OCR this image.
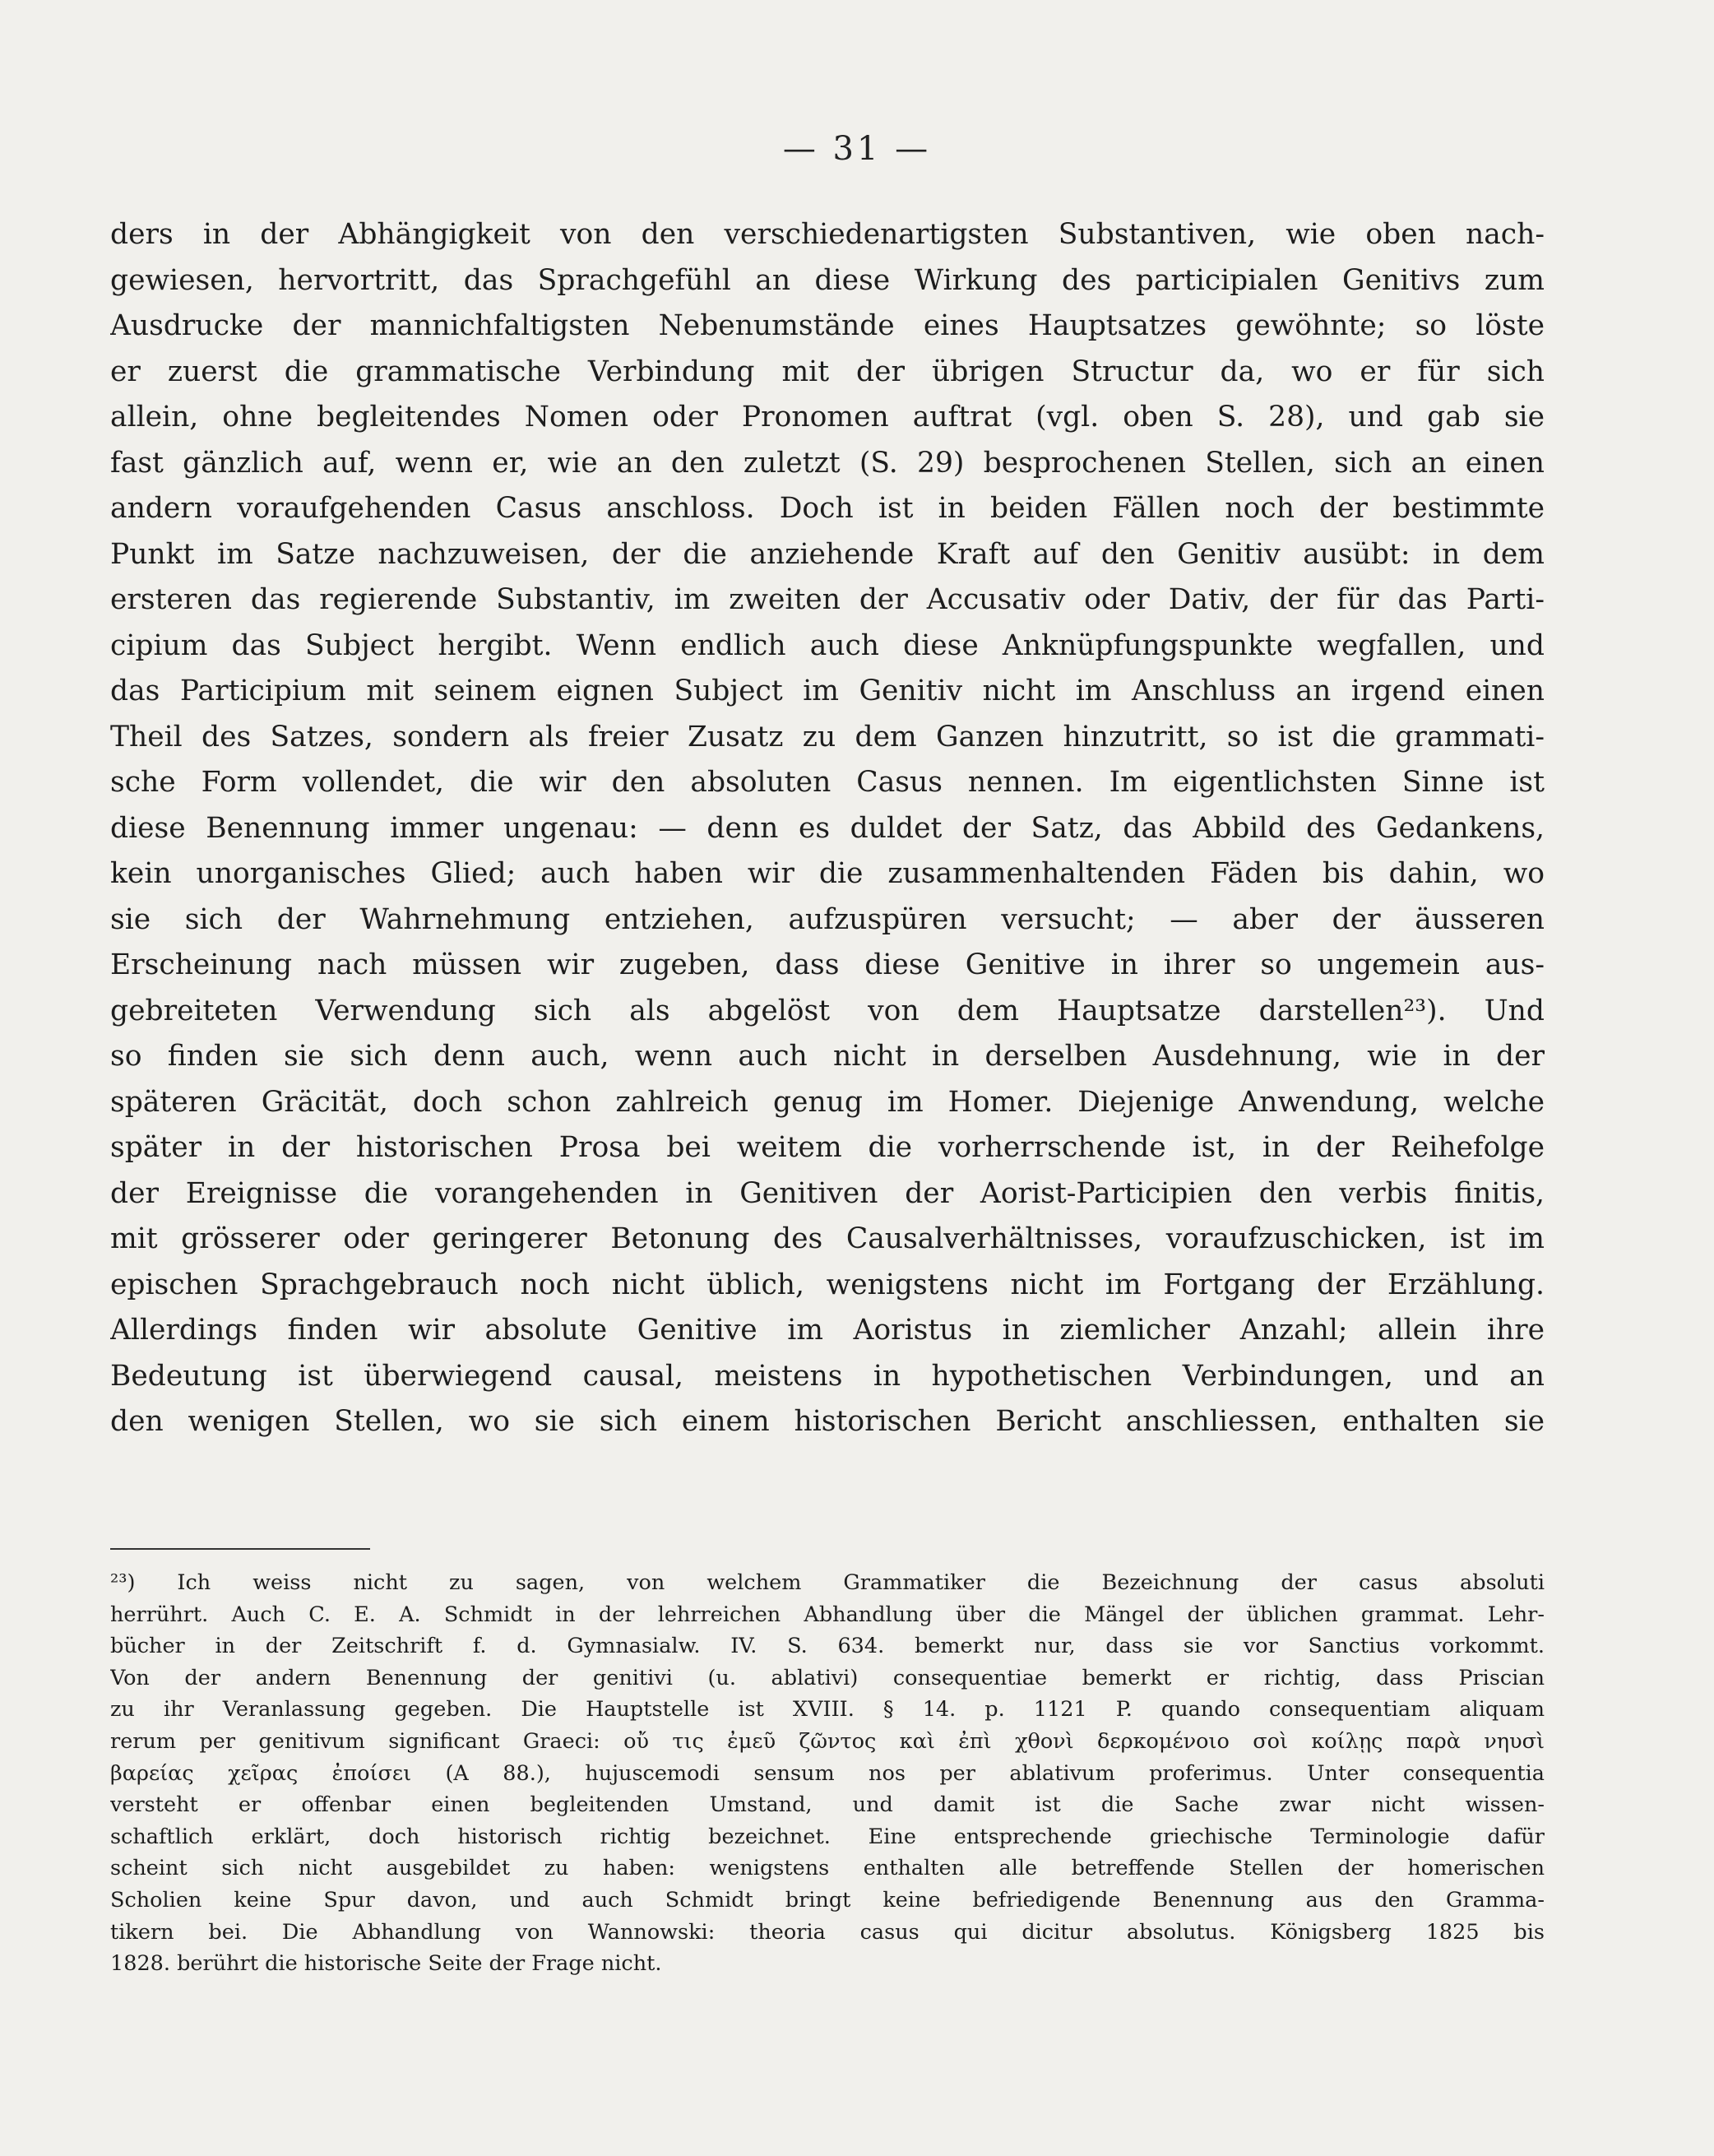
— 31 —
ders in der Abhängigkeit von den verschiedenartigsten Substantiven, wie oben nach-
gewiesen, hervortritt, das Sprachgefühl an diese Wirkung des participialen Genitivs zum
Ausdrucke der mannichfaltigsten Nebenumstände eines Hauptsatzes gewöhnte; so löste
er zuerst die grammatische Verbindung mit der übrigen Structur da, wo er für sich
allein, ohne begleitendes Nomen oder Pronomen auftrat (vgl. oben S. 28), und gab sie
fast gänzlich auf, wenn er, wie an den zuletzt (S. 29) besprochenen Stellen, sich an einen
andern voraufgehenden Casus anschloss. Doch ist in beiden Fällen noch der bestimmte
Punkt im Satze nachzuweisen, der die anziehende Kraft auf den Genitiv ausübt: in dem
ersteren das regierende Substantiv, im zweiten der Accusativ oder Dativ, der für das Parti-
cipium das Subject hergibt. Wenn endlich auch diese Anknüpfungspunkte wegfallen, und
das Participium mit seinem eignen Subject im Genitiv nicht im Anschluss an irgend einen
Theil des Satzes, sondern als freier Zusatz zu dem Ganzen hinzutritt, so ist die grammati-
sche Form vollendet, die wir den absoluten Casus nennen. Im eigentlichsten Sinne ist
diese Benennung immer ungenau: — denn es duldet der Satz, das Abbild des Gedankens,
kein unorganisches Glied; auch haben wir die zusammenhaltenden Fäden bis dahin, wo
sie sich der Wahrnehmung entziehen, aufzuspüren versucht; — aber der äusseren
Erscheinung nach müssen wir zugeben, dass diese Genitive in ihrer so ungemein aus-
gebreiteten Verwendung sich als abgelöst von dem Hauptsatze darstellen²³). Und
so finden sie sich denn auch, wenn auch nicht in derselben Ausdehnung, wie in der
späteren Gräcität, doch schon zahlreich genug im Homer. Diejenige Anwendung, welche
später in der historischen Prosa bei weitem die vorherrschende ist, in der Reihefolge
der Ereignisse die vorangehenden in Genitiven der Aorist-Participien den verbis finitis,
mit grösserer oder geringerer Betonung des Causalverhältnisses, voraufzuschicken, ist im
epischen Sprachgebrauch noch nicht üblich, wenigstens nicht im Fortgang der Erzählung.
Allerdings finden wir absolute Genitive im Aoristus in ziemlicher Anzahl; allein ihre
Bedeutung ist überwiegend causal, meistens in hypothetischen Verbindungen, und an
den wenigen Stellen, wo sie sich einem historischen Bericht anschliessen, enthalten sie
²³) Ich weiss nicht zu sagen, von welchem Grammatiker die Bezeichnung der casus absoluti
herrührt. Auch C. E. A. Schmidt in der lehrreichen Abhandlung über die Mängel der üblichen grammat. Lehr-
bücher in der Zeitschrift f. d. Gymnasialw. IV. S. 634. bemerkt nur, dass sie vor Sanctius vorkommt.
Von der andern Benennung der genitivi (u. ablativi) consequentiae bemerkt er richtig, dass Priscian
zu ihr Veranlassung gegeben. Die Hauptstelle ist XVIII. § 14. p. 1121 P. quando consequentiam aliquam
rerum per genitivum significant Graeci: οὔ τις ἐμεῦ ζῶντος καὶ ἐπὶ χθονὶ δερκομένοιο σοὶ κοίλῃς παρὰ νηυσὶ
βαρείας χεῖρας ἐποίσει (Α 88.), hujuscemodi sensum nos per ablativum proferimus. Unter consequentia
versteht er offenbar einen begleitenden Umstand, und damit ist die Sache zwar nicht wissen-
schaftlich erklärt, doch historisch richtig bezeichnet. Eine entsprechende griechische Terminologie dafür
scheint sich nicht ausgebildet zu haben: wenigstens enthalten alle betreffende Stellen der homerischen
Scholien keine Spur davon, und auch Schmidt bringt keine befriedigende Benennung aus den Gramma-
tikern bei. Die Abhandlung von Wannowski: theoria casus qui dicitur absolutus. Königsberg 1825 bis
1828. berührt die historische Seite der Frage nicht.
